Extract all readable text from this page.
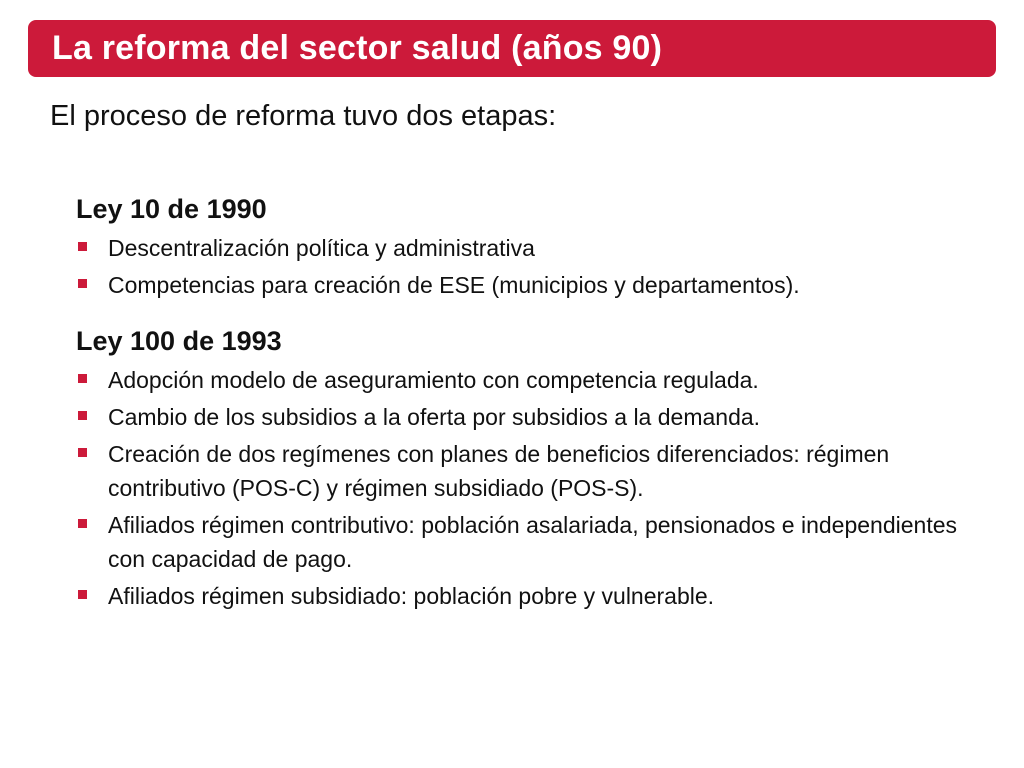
La reforma del sector salud (años 90)
El proceso de reforma tuvo dos etapas:
Ley 10 de 1990
Descentralización política y administrativa
Competencias para creación de ESE (municipios y departamentos).
Ley 100 de 1993
Adopción modelo de aseguramiento con competencia regulada.
Cambio de los subsidios a la oferta por subsidios a la demanda.
Creación de dos regímenes con planes de beneficios diferenciados: régimen contributivo (POS-C) y régimen subsidiado (POS-S).
Afiliados régimen contributivo: población asalariada, pensionados e independientes con capacidad de pago.
Afiliados régimen subsidiado: población pobre y vulnerable.
